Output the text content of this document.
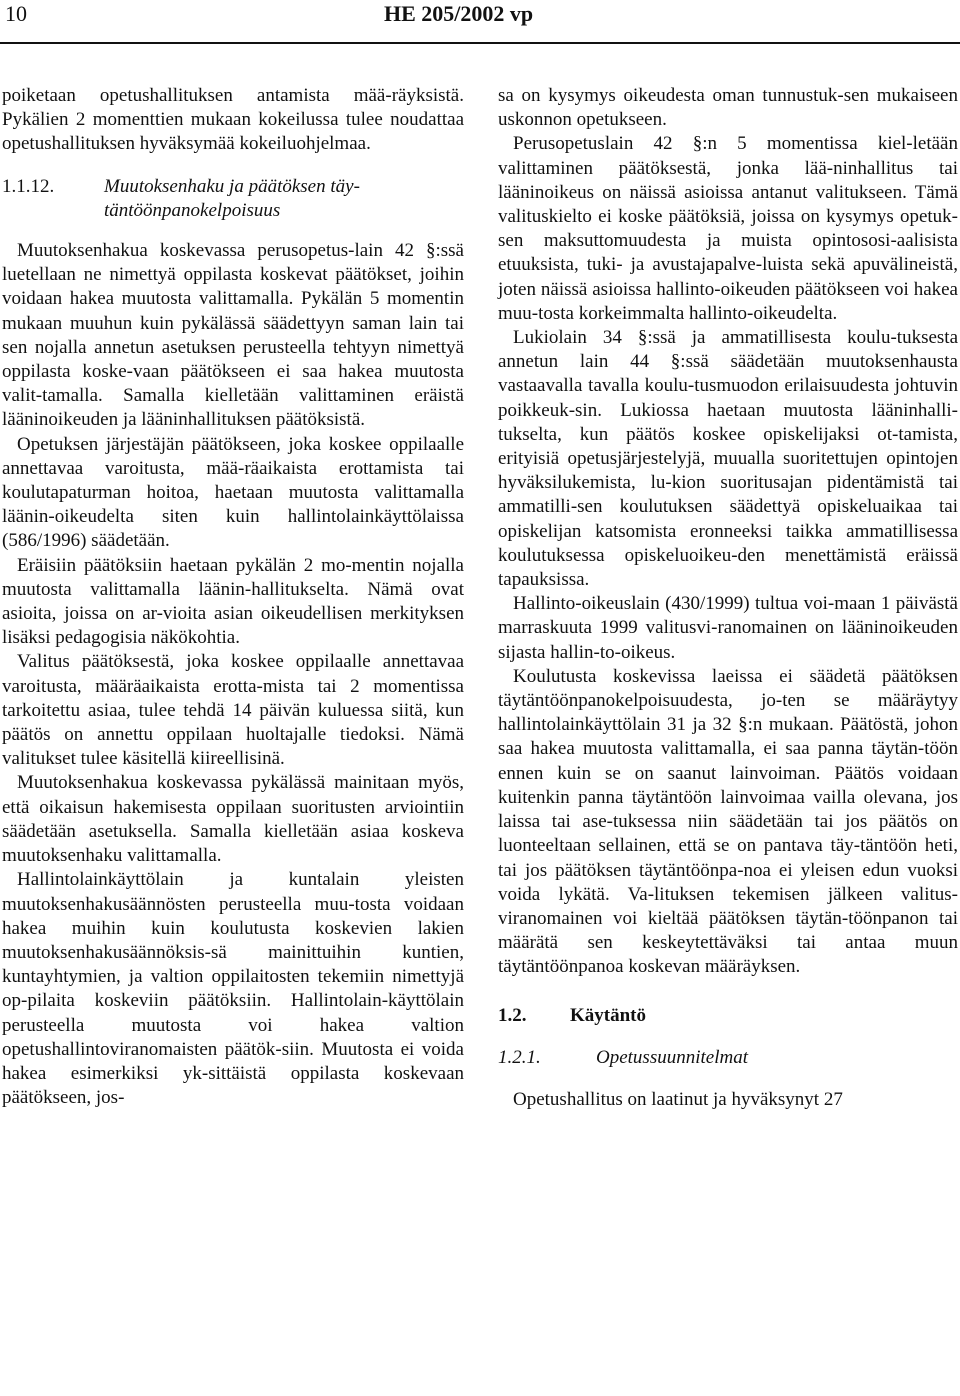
10	HE 205/2002 vp

poiketaan opetushallituksen antamista mää-räyksistä. Pykälien 2 momenttien mukaan kokeilussa tulee noudattaa opetushallituksen hyväksymää kokeiluohjelmaa.

1.1.12.	Muutoksenhaku ja päätöksen täy-täntöönpanokelpoisuus

Muutoksenhakua koskevassa perusopetus-lain 42 §:ssä luetellaan ne nimettyä oppilasta koskevat päätökset, joihin voidaan hakea muutosta valittamalla. Pykälän 5 momentin mukaan muuhun kuin pykälässä säädettyyn saman lain tai sen nojalla annetun asetuksen perusteella tehtyyn nimettyä oppilasta koske-vaan päätökseen ei saa hakea muutosta valit-tamalla. Samalla kielletään valittaminen eräistä lääninoikeuden ja lääninhallituksen päätöksistä.

Opetuksen järjestäjän päätökseen, joka koskee oppilaalle annettavaa varoitusta, mää-räaikaista erottamista tai koulutapaturman hoitoa, haetaan muutosta valittamalla läänin-oikeudelta siten kuin hallintolainkäyttölaissa (586/1996) säädetään.

Eräisiin päätöksiin haetaan pykälän 2 mo-mentin nojalla muutosta valittamalla läänin-hallitukselta. Nämä ovat asioita, joissa on ar-vioita asian oikeudellisen merkityksen lisäksi pedagogisia näkökohtia.

Valitus päätöksestä, joka koskee oppilaalle annettavaa varoitusta, määräaikaista erotta-mista tai 2 momentissa tarkoitettu asiaa, tulee tehdä 14 päivän kuluessa siitä, kun päätös on annettu oppilaan huoltajalle tiedoksi. Nämä valitukset tulee käsitellä kiireellisinä.

Muutoksenhakua koskevassa pykälässä mainitaan myös, että oikaisun hakemisesta oppilaan suoritusten arviointiin säädetään asetuksella. Samalla kielletään asiaa koskeva muutoksenhaku valittamalla.

Hallintolainkäyttölain ja kuntalain yleisten muutoksenhakusäännösten perusteella muu-tosta voidaan hakea muihin kuin koulutusta koskevien lakien muutoksenhakusäännöksis-sä mainittuihin kuntien, kuntayhtymien, ja valtion oppilaitosten tekemiin nimettyjä op-pilaita koskeviin päätöksiin. Hallintolain-käyttölain perusteella muutosta voi hakea valtion opetushallintoviranomaisten päätök-siin. Muutosta ei voida hakea esimerkiksi yk-sittäistä oppilasta koskevaan päätökseen, jos-

sa on kysymys oikeudesta oman tunnustuk-sen mukaiseen uskonnon opetukseen.

Perusopetuslain 42 §:n 5 momentissa kiel-letään valittaminen päätöksestä, jonka lää-ninhallitus tai lääninoikeus on näissä asioissa antanut valitukseen. Tämä valituskielto ei koske päätöksiä, joissa on kysymys opetuk-sen maksuttomuudesta ja muista opintososi-aalisista etuuksista, tuki- ja avustajapalve-luista sekä apuvälineistä, joten näissä asioissa hallinto-oikeuden päätökseen voi hakea muu-tosta korkeimmalta hallinto-oikeudelta.

Lukiolain 34 §:ssä ja ammatillisesta koulu-tuksesta annetun lain 44 §:ssä säädetään muutoksenhausta vastaavalla tavalla koulu-tusmuodon erilaisuudesta johtuvin poikkeuk-sin. Lukiossa haetaan muutosta lääninhalli-tukselta, kun päätös koskee opiskelijaksi ot-tamista, erityisiä opetusjärjestelyjä, muualla suoritettujen opintojen hyväksilukemista, lu-kion suoritusajan pidentämistä tai ammatilli-sen koulutuksen säädettyä opiskeluaikaa tai opiskelijan katsomista eronneeksi taikka ammatillisessa koulutuksessa opiskeluoikeu-den menettämistä eräissä tapauksissa.

Hallinto-oikeuslain (430/1999) tultua voi-maan 1 päivästä marraskuuta 1999 valitusvi-ranomainen on lääninoikeuden sijasta hallin-to-oikeus.

Koulutusta koskevissa laeissa ei säädetä päätöksen täytäntöönpanokelpoisuudesta, jo-ten se määräytyy hallintolainkäyttölain 31 ja 32 §:n mukaan. Päätöstä, johon saa hakea muutosta valittamalla, ei saa panna täytän-töön ennen kuin se on saanut lainvoiman. Päätös voidaan kuitenkin panna täytäntöön lainvoimaa vailla olevana, jos laissa tai ase-tuksessa niin säädetään tai jos päätös on luonteeltaan sellainen, että se on pantava täy-täntöön heti, tai jos päätöksen täytäntöönpa-noa ei yleisen edun vuoksi voida lykätä. Va-lituksen tekemisen jälkeen valitus-viranomainen voi kieltää päätöksen täytän-töönpanon tai määrätä sen keskeytettäväksi tai antaa muun täytäntöönpanoa koskevan määräyksen.

1.2.	Käytäntö
1.2.1.	Opetussuunnitelmat

Opetushallitus on laatinut ja hyväksynyt 27
